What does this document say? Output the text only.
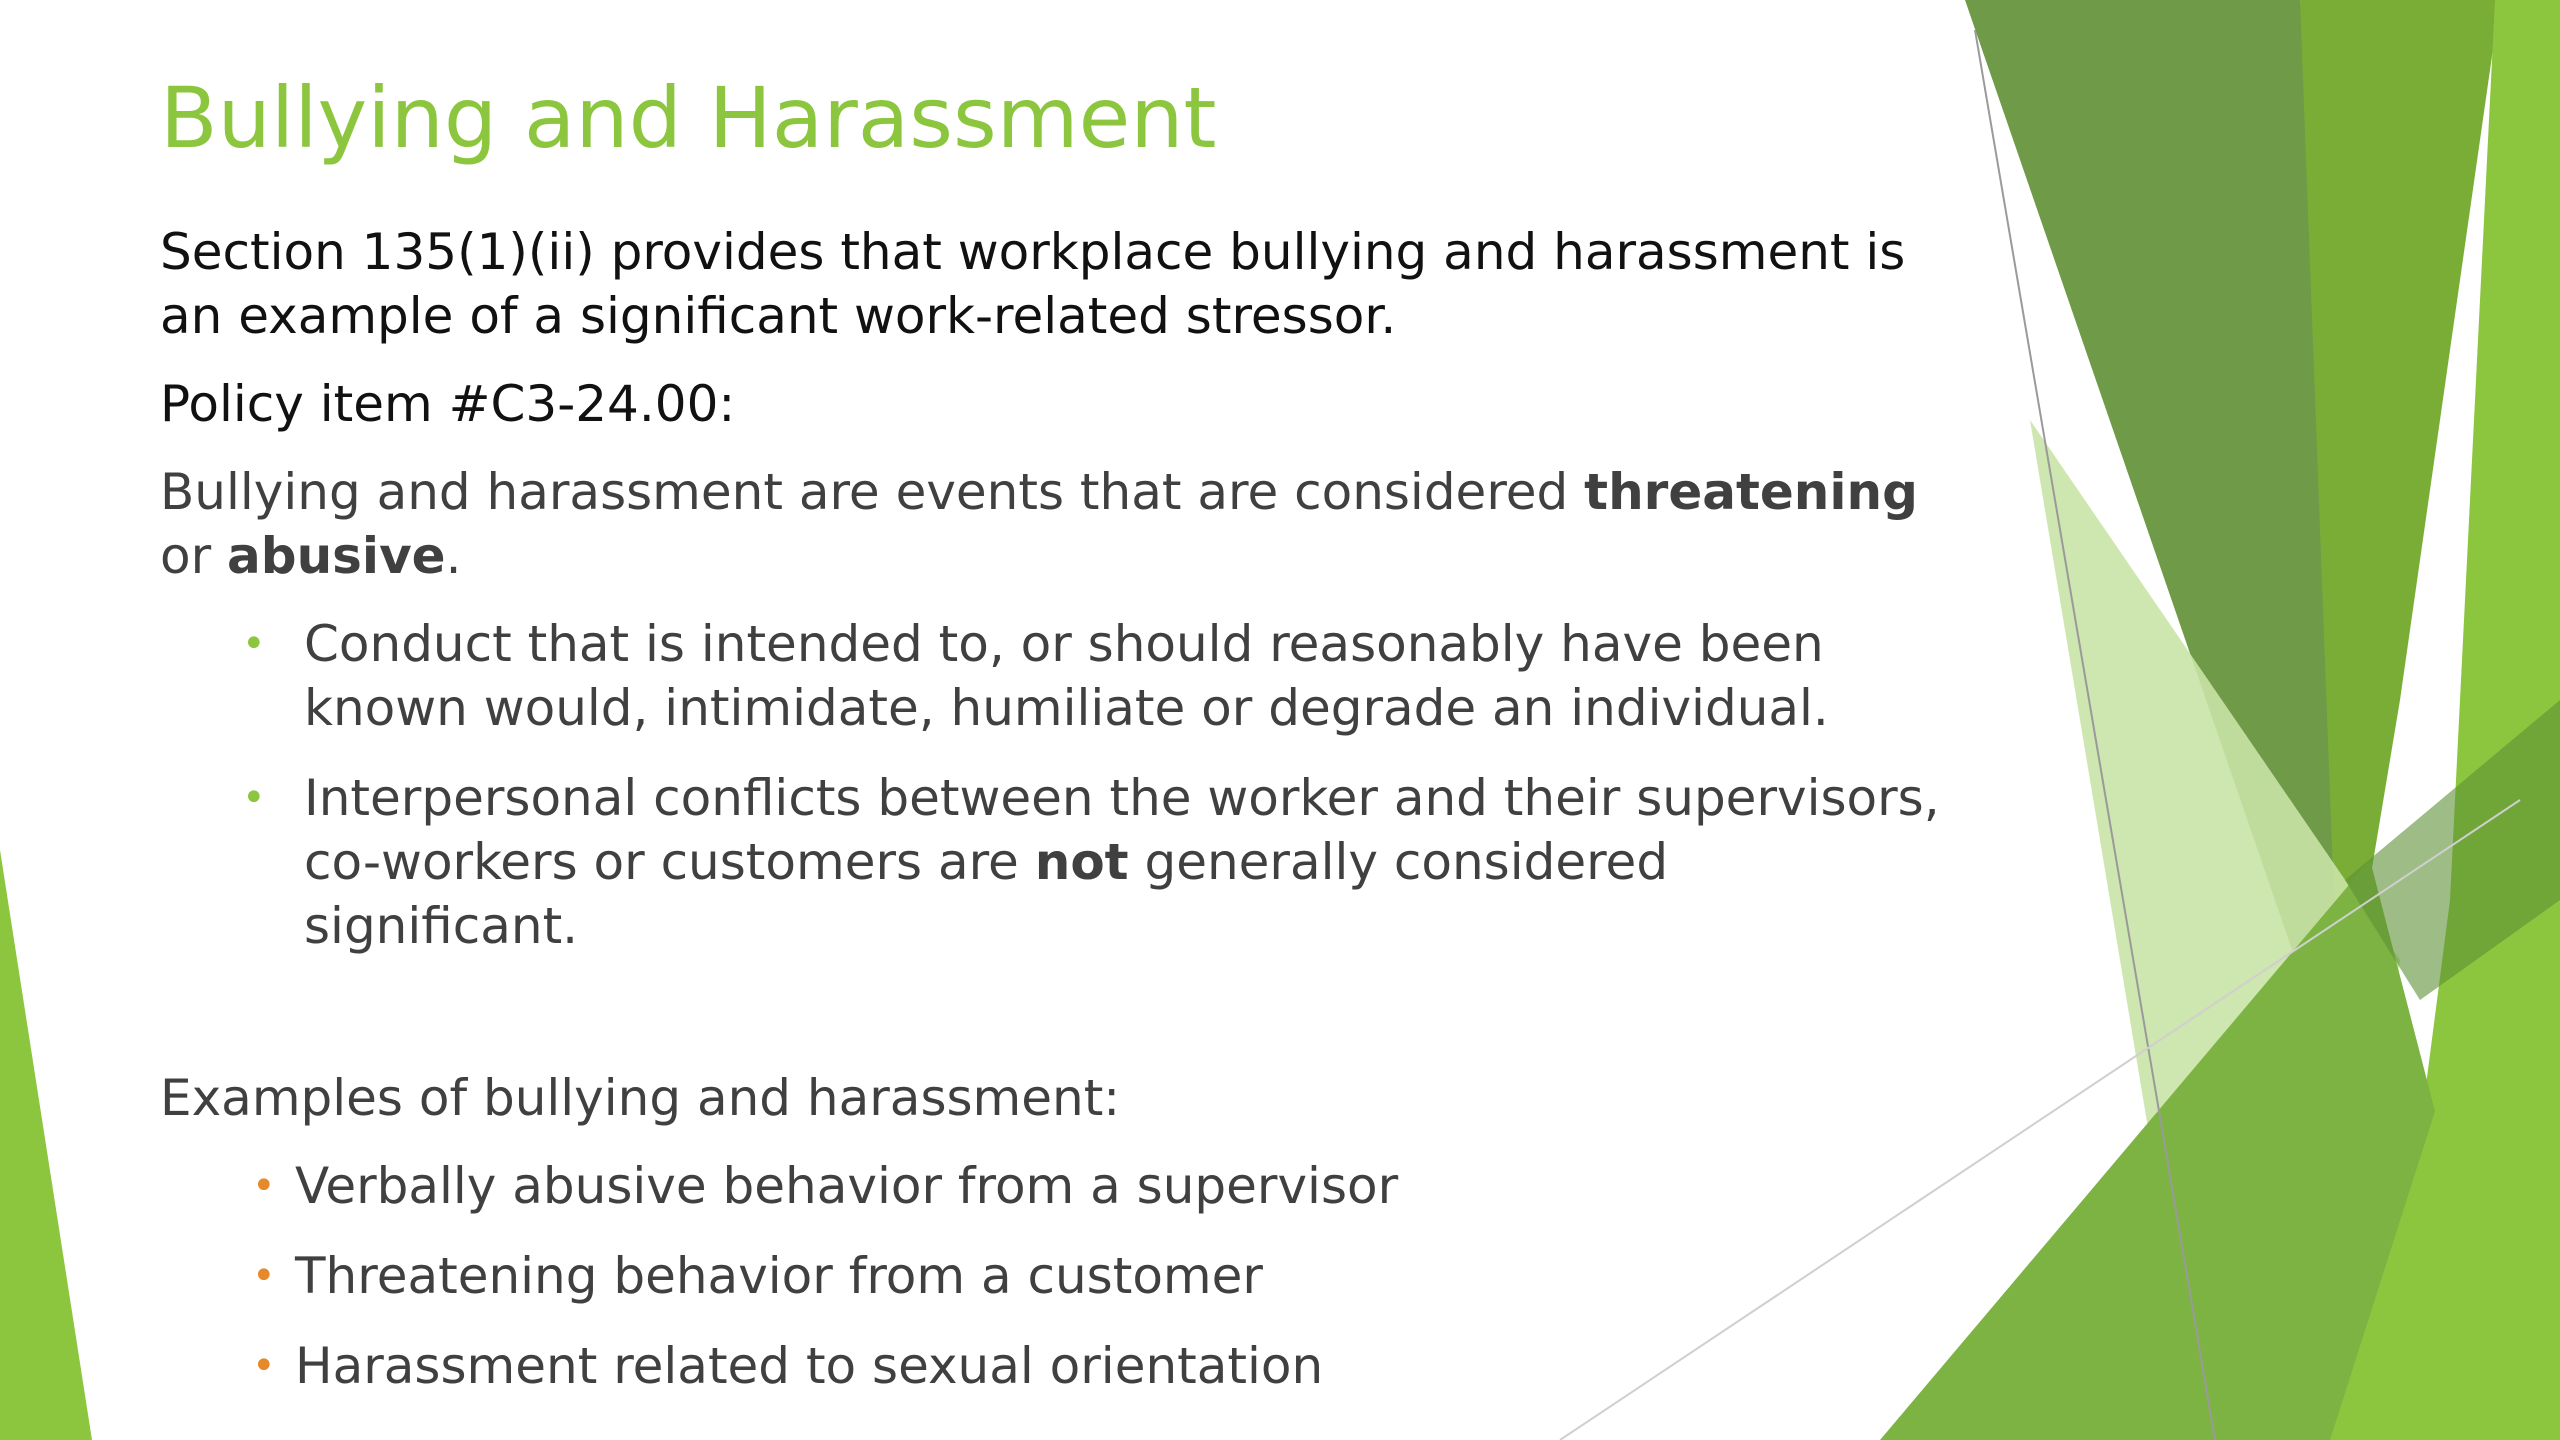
Bullying and Harassment

Section 135(1)(ii) provides that workplace bullying and harassment is an example of a significant work-related stressor.

Policy item #C3-24.00:

Bullying and harassment are events that are considered threatening or abusive.

• Conduct that is intended to, or should reasonably have been known would, intimidate, humiliate or degrade an individual.
• Interpersonal conflicts between the worker and their supervisors, co-workers or customers are not generally considered significant.

Examples of bullying and harassment:

• Verbally abusive behavior from a supervisor
• Threatening behavior from a customer
• Harassment related to sexual orientation
